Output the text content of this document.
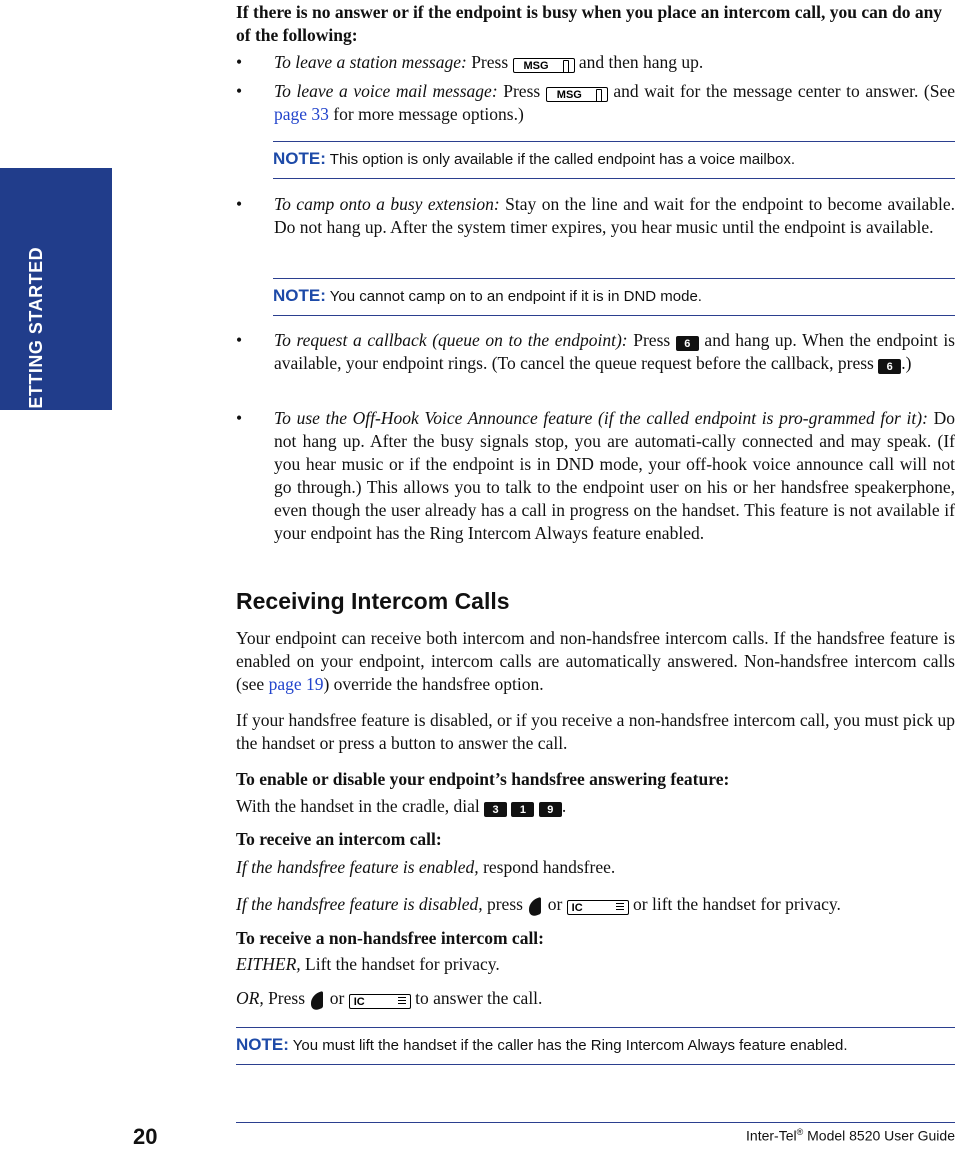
GETTING STARTED
If there is no answer or if the endpoint is busy when you place an intercom call, you can do any of the following:
• To leave a station message: Press MSG and then hang up.
• To leave a voice mail message: Press MSG and wait for the message center to answer. (See page 33 for more message options.)
NOTE: This option is only available if the called endpoint has a voice mailbox.
• To camp onto a busy extension: Stay on the line and wait for the endpoint to become available. Do not hang up. After the system timer expires, you hear music until the endpoint is available.
NOTE: You cannot camp on to an endpoint if it is in DND mode.
• To request a callback (queue on to the endpoint): Press 6 and hang up. When the endpoint is available, your endpoint rings. (To cancel the queue request before the callback, press 6 .)
• To use the Off-Hook Voice Announce feature (if the called endpoint is pro-grammed for it): Do not hang up. After the busy signals stop, you are automati-cally connected and may speak. (If you hear music or if the endpoint is in DND mode, your off-hook voice announce call will not go through.) This allows you to talk to the endpoint user on his or her handsfree speakerphone, even though the user already has a call in progress on the handset. This feature is not available if your endpoint has the Ring Intercom Always feature enabled.
Receiving Intercom Calls
Your endpoint can receive both intercom and non-handsfree intercom calls. If the handsfree feature is enabled on your endpoint, intercom calls are automatically answered. Non-handsfree intercom calls (see page 19) override the handsfree option.
If your handsfree feature is disabled, or if you receive a non-handsfree intercom call, you must pick up the handset or press a button to answer the call.
To enable or disable your endpoint’s handsfree answering feature:
With the handset in the cradle, dial 3 1 9 .
To receive an intercom call:
If the handsfree feature is enabled, respond handsfree.
If the handsfree feature is disabled, press or IC	or lift the handset for privacy.
To receive a non-handsfree intercom call:
EITHER, Lift the handset for privacy.
OR, Press or IC	to answer the call.
NOTE: You must lift the handset if the caller has the Ring Intercom Always feature enabled.
20	Inter-Tel® Model 8520 User Guide
